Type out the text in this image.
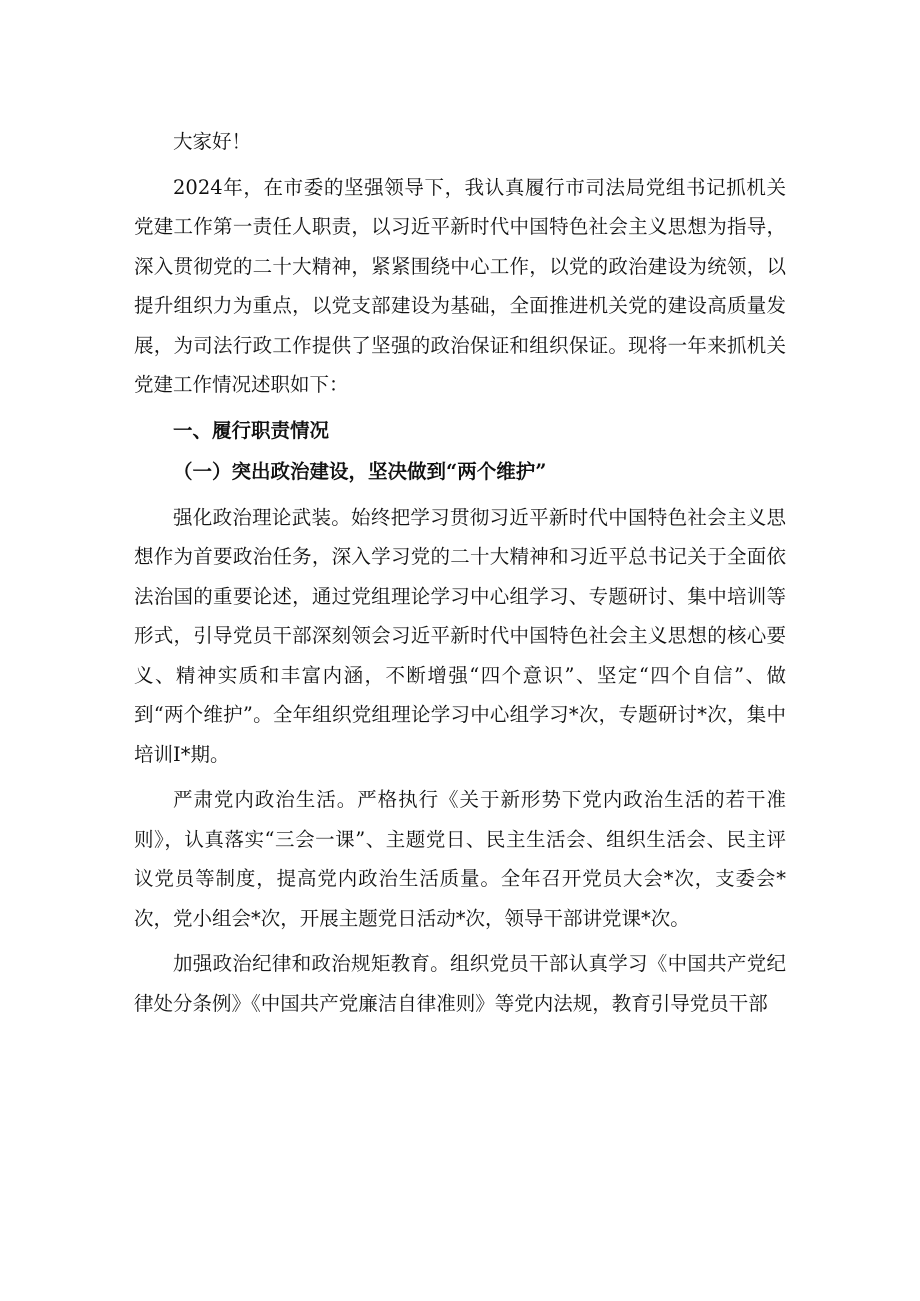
大家好！

2024年，在市委的坚强领导下，我认真履行市司法局党组书记抓机关党建工作第一责任人职责，以习近平新时代中国特色社会主义思想为指导，深入贯彻党的二十大精神，紧紧围绕中心工作，以党的政治建设为统领，以提升组织力为重点，以党支部建设为基础，全面推进机关党的建设高质量发展，为司法行政工作提供了坚强的政治保证和组织保证。现将一年来抓机关党建工作情况述职如下：

一、履行职责情况

（一）突出政治建设，坚决做到“两个维护”

强化政治理论武装。始终把学习贯彻习近平新时代中国特色社会主义思想作为首要政治任务，深入学习党的二十大精神和习近平总书记关于全面依法治国的重要论述，通过党组理论学习中心组学习、专题研讨、集中培训等形式，引导党员干部深刻领会习近平新时代中国特色社会主义思想的核心要义、精神实质和丰富内涵，不断增强“四个意识”、坚定“四个自信”、做到“两个维护”。全年组织党组理论学习中心组学习*次，专题研讨*次，集中培训I*期。

严肃党内政治生活。严格执行《关于新形势下党内政治生活的若干准则》，认真落实“三会一课”、主题党日、民主生活会、组织生活会、民主评议党员等制度，提高党内政治生活质量。全年召开党员大会*次，支委会*次，党小组会*次，开展主题党日活动*次，领导干部讲党课*次。

加强政治纪律和政治规矩教育。组织党员干部认真学习《中国共产党纪律处分条例》《中国共产党廉洁自律准则》等党内法规，教育引导党员干部
